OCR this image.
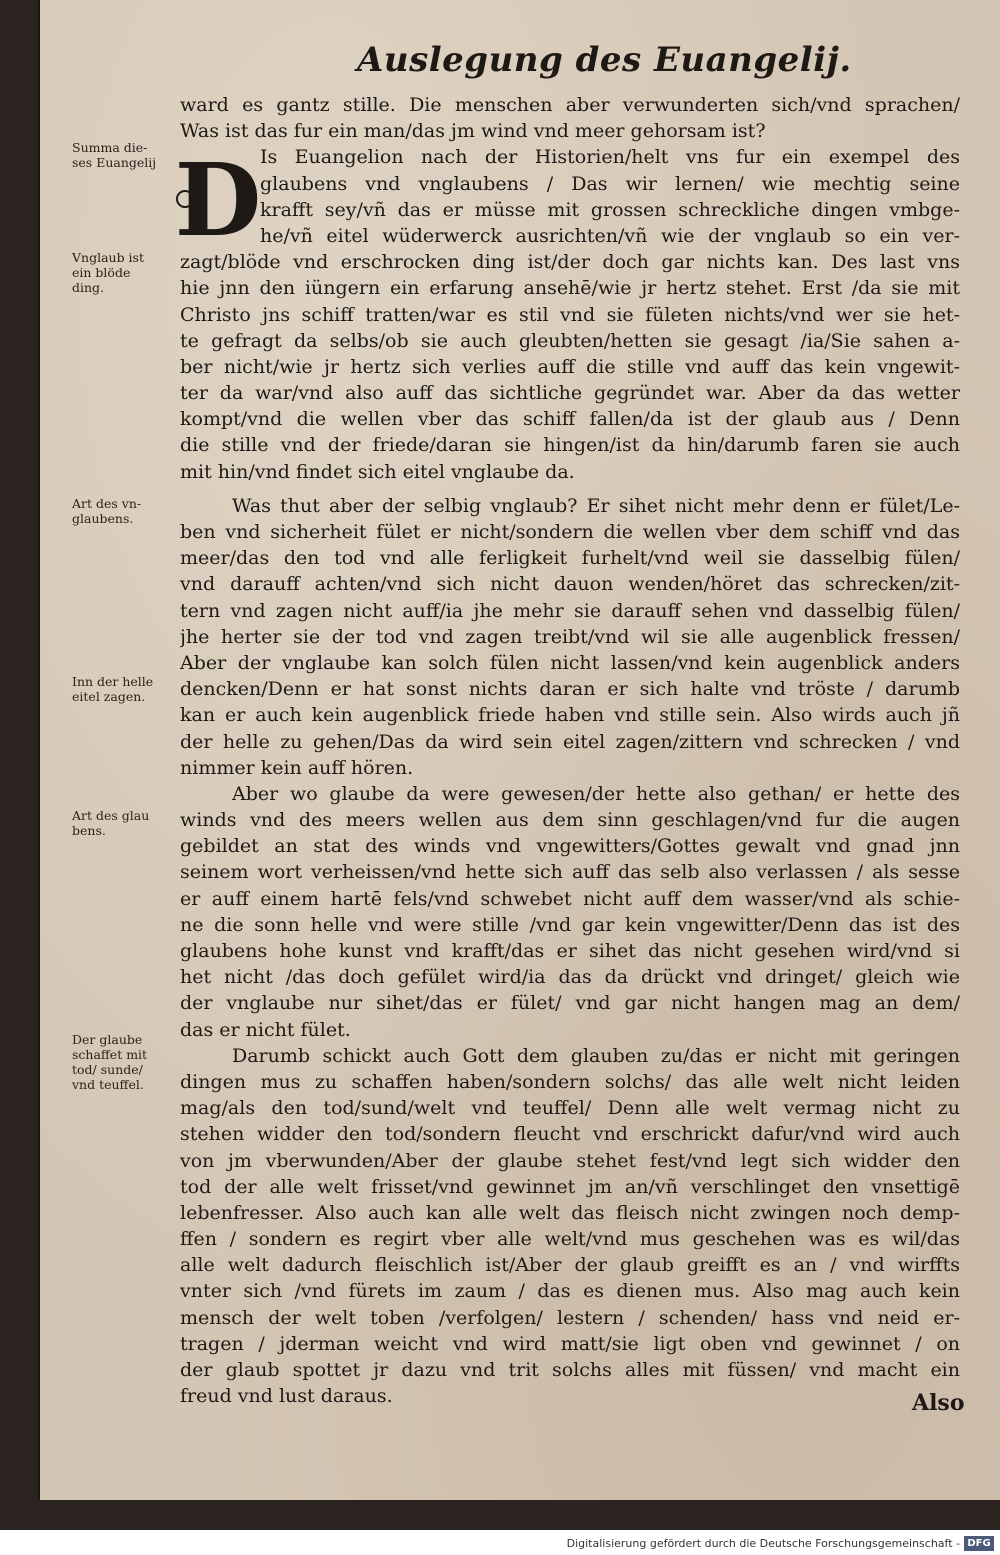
Auslegung des Euangelij.
D
ward es gantz stille. Die menschen aber verwunderten sich/vnd sprachen/
Was ist das fur ein man/das jm wind vnd meer gehorsam ist?
Is Euangelion nach der Historien/helt vns fur ein exempel des
glaubens vnd vnglaubens / Das wir lernen/ wie mechtig seine
krafft sey/vñ das er müsse mit grossen schreckliche dingen vmbge-
he/vñ eitel wüderwerck ausrichten/vñ wie der vnglaub so ein ver-
zagt/blöde vnd erschrocken ding ist/der doch gar nichts kan. Des last vns
hie jnn den iüngern ein erfarung ansehē/wie jr hertz stehet. Erst /da sie mit
Christo jns schiff tratten/war es stil vnd sie fületen nichts/vnd wer sie het-
te gefragt da selbs/ob sie auch gleubten/hetten sie gesagt /ia/Sie sahen a-
ber nicht/wie jr hertz sich verlies auff die stille vnd auff das kein vngewit-
ter da war/vnd also auff das sichtliche gegründet war. Aber da das wetter
kompt/vnd die wellen vber das schiff fallen/da ist der glaub aus / Denn
die stille vnd der friede/daran sie hingen/ist da hin/darumb faren sie auch
mit hin/vnd findet sich eitel vnglaube da.
Was thut aber der selbig vnglaub? Er sihet nicht mehr denn er fület/Le-
ben vnd sicherheit fület er nicht/sondern die wellen vber dem schiff vnd das
meer/das den tod vnd alle ferligkeit furhelt/vnd weil sie dasselbig fülen/
vnd darauff achten/vnd sich nicht dauon wenden/höret das schrecken/zit-
tern vnd zagen nicht auff/ia jhe mehr sie darauff sehen vnd dasselbig fülen/
jhe herter sie der tod vnd zagen treibt/vnd wil sie alle augenblick fressen/
Aber der vnglaube kan solch fülen nicht lassen/vnd kein augenblick anders
dencken/Denn er hat sonst nichts daran er sich halte vnd tröste / darumb
kan er auch kein augenblick friede haben vnd stille sein. Also wirds auch jñ
der helle zu gehen/Das da wird sein eitel zagen/zittern vnd schrecken / vnd
nimmer kein auff hören.
Aber wo glaube da were gewesen/der hette also gethan/ er hette des
winds vnd des meers wellen aus dem sinn geschlagen/vnd fur die augen
gebildet an stat des winds vnd vngewitters/Gottes gewalt vnd gnad jnn
seinem wort verheissen/vnd hette sich auff das selb also verlassen / als sesse
er auff einem hartē fels/vnd schwebet nicht auff dem wasser/vnd als schie-
ne die sonn helle vnd were stille /vnd gar kein vngewitter/Denn das ist des
glaubens hohe kunst vnd krafft/das er sihet das nicht gesehen wird/vnd si
het nicht /das doch gefület wird/ia das da drückt vnd dringet/ gleich wie
der vnglaube nur sihet/das er fület/ vnd gar nicht hangen mag an dem/
das er nicht fület.
Darumb schickt auch Gott dem glauben zu/das er nicht mit geringen
dingen mus zu schaffen haben/sondern solchs/ das alle welt nicht leiden
mag/als den tod/sund/welt vnd teuffel/ Denn alle welt vermag nicht zu
stehen widder den tod/sondern fleucht vnd erschrickt dafur/vnd wird auch
von jm vberwunden/Aber der glaube stehet fest/vnd legt sich widder den
tod der alle welt frisset/vnd gewinnet jm an/vñ verschlinget den vnsettigē
lebenfresser. Also auch kan alle welt das fleisch nicht zwingen noch demp-
ffen / sondern es regirt vber alle welt/vnd mus geschehen was es wil/das
alle welt dadurch fleischlich ist/Aber der glaub greifft es an / vnd wirffts
vnter sich /vnd fürets im zaum / das es dienen mus. Also mag auch kein
mensch der welt toben /verfolgen/ lestern / schenden/ hass vnd neid er-
tragen / jderman weicht vnd wird matt/sie ligt oben vnd gewinnet / on
der glaub spottet jr dazu vnd trit solchs alles mit füssen/ vnd macht ein
freud vnd lust daraus.
Summa die-
ses Euangelij
Vnglaub ist
ein blöde
ding.
Art des vn-
glaubens.
Inn der helle
eitel zagen.
Art des glau
bens.
Der glaube
schaffet mit
tod/ sunde/
vnd teuffel.
Also
Digitalisierung gefördert durch die Deutsche Forschungsgemeinschaft - DFG
